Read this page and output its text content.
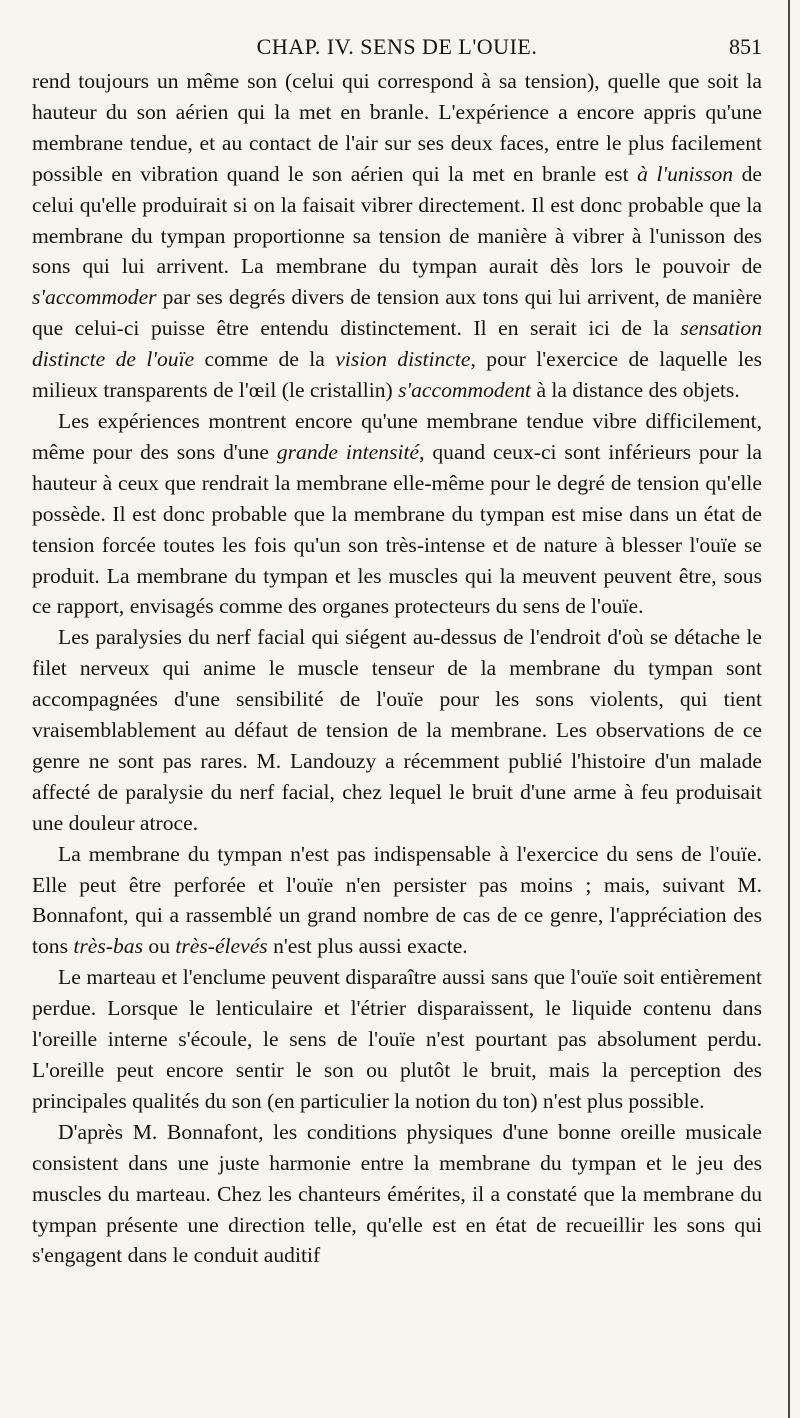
CHAP. IV. SENS DE L'OUIE.	851

rend toujours un même son (celui qui correspond à sa tension), quelle que soit la hauteur du son aérien qui la met en branle. L'expérience a encore appris qu'une membrane tendue, et au contact de l'air sur ses deux faces, entre le plus facilement possible en vibration quand le son aérien qui la met en branle est à l'unisson de celui qu'elle produirait si on la faisait vibrer directement. Il est donc probable que la membrane du tympan proportionne sa tension de manière à vibrer à l'unisson des sons qui lui arrivent. La membrane du tympan aurait dès lors le pouvoir de s'accommoder par ses degrés divers de tension aux tons qui lui arrivent, de manière que celui-ci puisse être entendu distinctement. Il en serait ici de la sensation distincte de l'ouïe comme de la vision distincte, pour l'exercice de laquelle les milieux transparents de l'œil (le cristallin) s'accommodent à la distance des objets.

Les expériences montrent encore qu'une membrane tendue vibre difficilement, même pour des sons d'une grande intensité, quand ceux-ci sont inférieurs pour la hauteur à ceux que rendrait la membrane elle-même pour le degré de tension qu'elle possède. Il est donc probable que la membrane du tympan est mise dans un état de tension forcée toutes les fois qu'un son très-intense et de nature à blesser l'ouïe se produit. La membrane du tympan et les muscles qui la meuvent peuvent être, sous ce rapport, envisagés comme des organes protecteurs du sens de l'ouïe.

Les paralysies du nerf facial qui siégent au-dessus de l'endroit d'où se détache le filet nerveux qui anime le muscle tenseur de la membrane du tympan sont accompagnées d'une sensibilité de l'ouïe pour les sons violents, qui tient vraisemblablement au défaut de tension de la membrane. Les observations de ce genre ne sont pas rares. M. Landouzy a récemment publié l'histoire d'un malade affecté de paralysie du nerf facial, chez lequel le bruit d'une arme à feu produisait une douleur atroce.

La membrane du tympan n'est pas indispensable à l'exercice du sens de l'ouïe. Elle peut être perforée et l'ouïe n'en persister pas moins ; mais, suivant M. Bonnafont, qui a rassemblé un grand nombre de cas de ce genre, l'appréciation des tons très-bas ou très-élevés n'est plus aussi exacte.

Le marteau et l'enclume peuvent disparaître aussi sans que l'ouïe soit entièrement perdue. Lorsque le lenticulaire et l'étrier disparaissent, le liquide contenu dans l'oreille interne s'écoule, le sens de l'ouïe n'est pourtant pas absolument perdu. L'oreille peut encore sentir le son ou plutôt le bruit, mais la perception des principales qualités du son (en particulier la notion du ton) n'est plus possible.

D'après M. Bonnafont, les conditions physiques d'une bonne oreille musicale consistent dans une juste harmonie entre la membrane du tympan et le jeu des muscles du marteau. Chez les chanteurs émérites, il a constaté que la membrane du tympan présente une direction telle, qu'elle est en état de recueillir les sons qui s'engagent dans le conduit auditif
